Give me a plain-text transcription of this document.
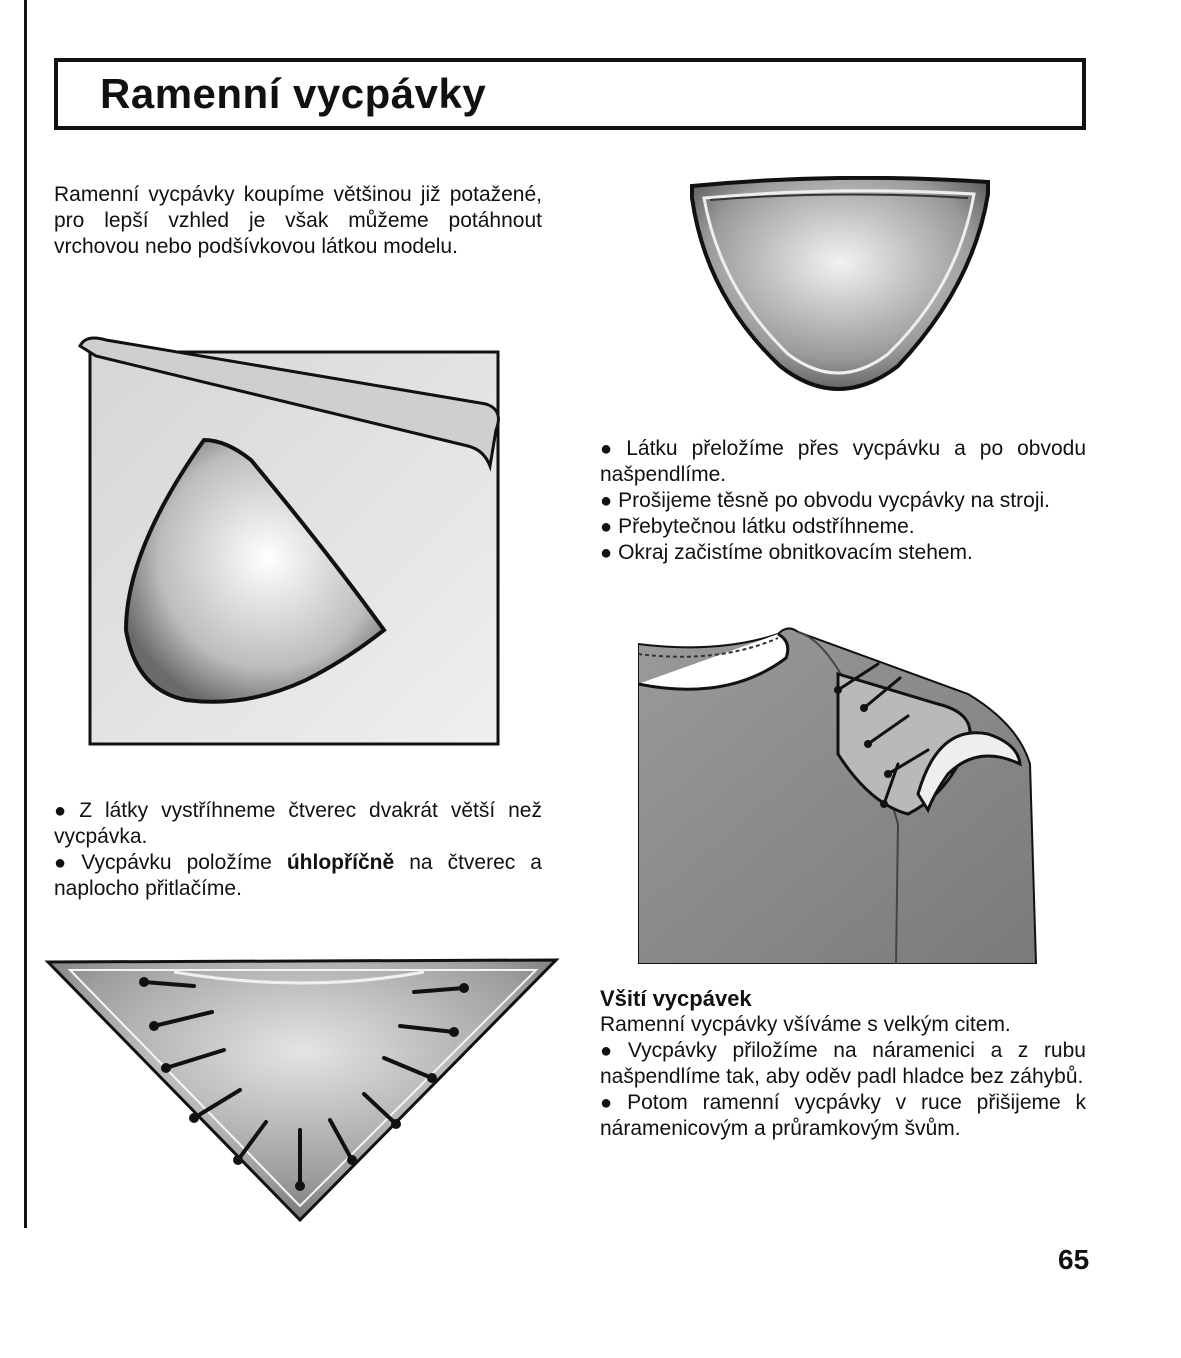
Ramenní vycpávky

Ramenní vycpávky koupíme většinou již potažené, pro lepší vzhled je však můžeme potáhnout vrchovou nebo podšívkovou látkou modelu.

● Z látky vystříhneme čtverec dvakrát větší než vycpávka.

● Vycpávku položíme úhlopříčně na čtverec a naplocho přitlačíme.

● Látku přeložíme přes vycpávku a po obvodu našpendlíme.

● Prošijeme těsně po obvodu vycpávky na stroji.

● Přebytečnou látku odstříhneme.

● Okraj začistíme obnitkovacím stehem.

Všití vycpávek

Ramenní vycpávky všíváme s velkým citem.

● Vycpávky přiložíme na náramenici a z rubu našpendlíme tak, aby oděv padl hladce bez záhybů.

● Potom ramenní vycpávky v ruce přišijeme k náramenicovým a průramkovým švům.

65
